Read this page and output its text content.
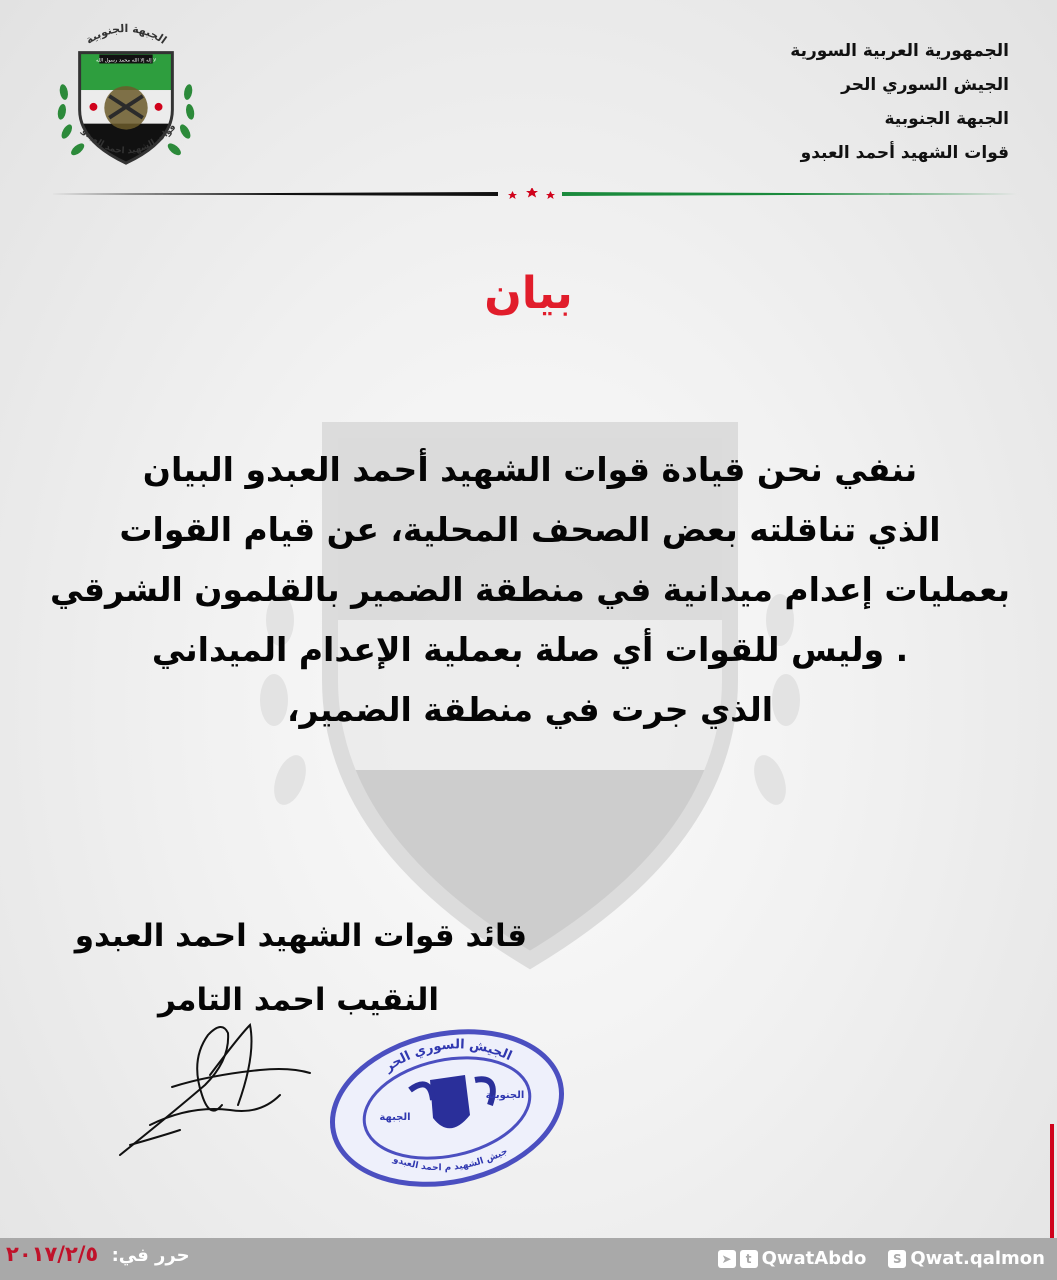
لا إله إلا الله محمد رسول الله
الجبهة الجنوبية
قوات الشهيد احمد العبدو
الجمهورية العربية السورية
الجيش السوري الحر
الجبهة الجنوبية
قوات الشهيد أحمد العبدو
بيان
ننفي نحن قيادة قوات الشهيد أحمد العبدو البيان
الذي تناقلته بعض الصحف المحلية، عن قيام القوات
بعمليات إعدام ميدانية في منطقة الضمير بالقلمون الشرقي
. وليس للقوات أي صلة بعملية الإعدام الميداني
الذي جرت في منطقة الضمير،
قائد قوات الشهيد احمد العبدو
النقيب احمد التامر
الجيش السوري الحر
الجبهة
الجنوبية
جيش الشهيد م احمد العبدو
حرر في: ٢٠١٧/٢/٥	➤	t QwatAbdo	S Qwat.qalmon
